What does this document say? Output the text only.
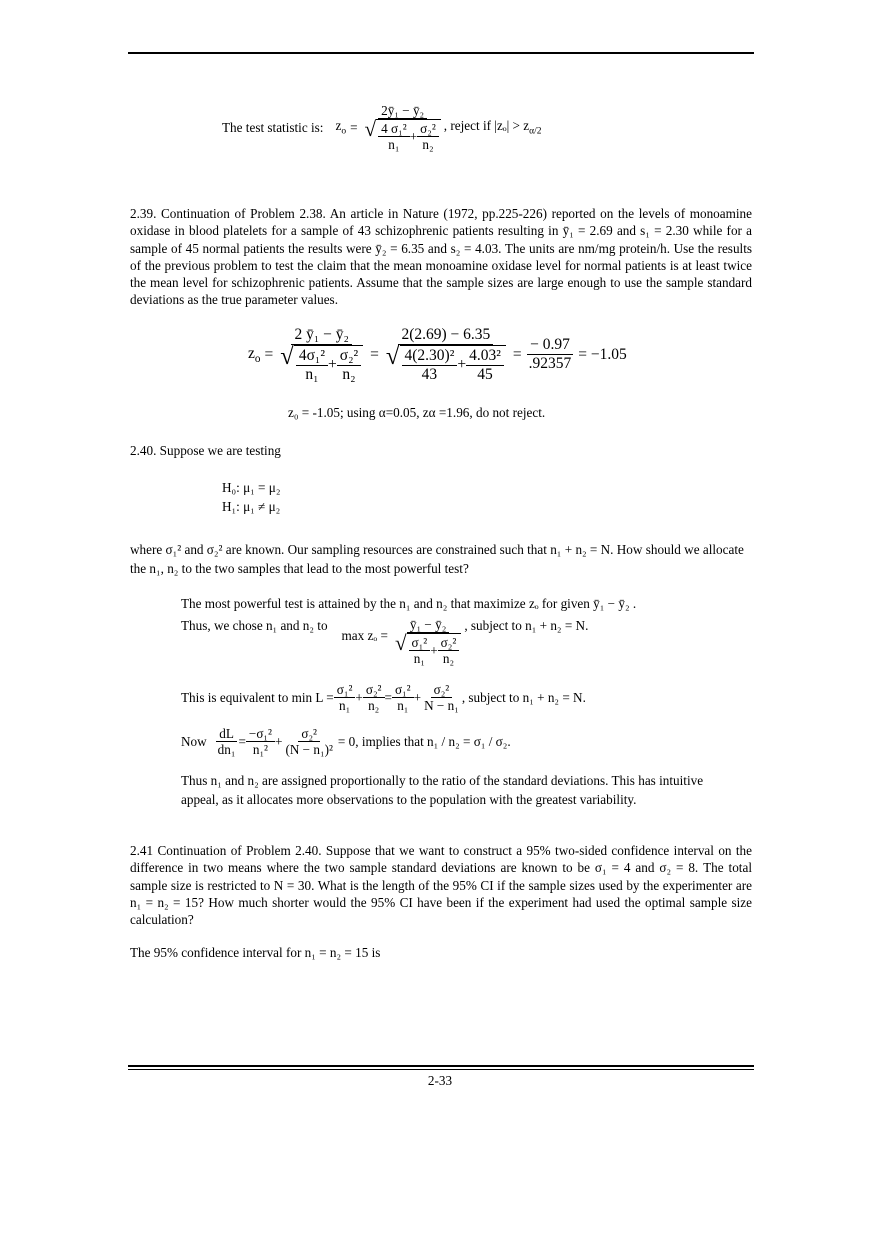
The test statistic is: $z_o = \frac{\text{2ȳ₁ − ȳ₂}}{√ \frac{\text{4 σ₁²}}{\text{n₁}} + \frac{\text{σ₂²}}{\text{n₂}}}$ , reject if $|z_o| > z_{\alpha/2}$
2.39. Continuation of Problem 2.38. An article in Nature (1972, pp.225-226) reported on the levels of monoamine oxidase in blood platelets for a sample of 43 schizophrenic patients resulting in ȳ₁ = 2.69 and s₁ = 2.30 while for a sample of 45 normal patients the results were ȳ₂ = 6.35 and s₂ = 4.03. The units are nm/mg protein/h. Use the results of the previous problem to test the claim that the mean monoamine oxidase level for normal patients is at least twice the mean level for schizophrenic patients. Assume that the sample sizes are large enough to use the sample standard deviations as the true parameter values.
$z_o = \frac{\text{2 ȳ₁ − ȳ₂}}{√ \frac{\text{4σ₁²}}{\text{n₁}} + \frac{\text{σ₂²}}{\text{n₂}}} = \frac{2(2.69) - 6.35}{√ \frac{\text{4(2.30)²}}{43} + \frac{\text{4.03²}}{45}} = \frac{- 0.97}{.92357} = -1.05$
z₀ = -1.05; using α=0.05, zα =1.96, do not reject.
2.40. Suppose we are testing
H₀: μ₁ = μ₂
H₁: μ₁ ≠ μ₂
where σ₁² and σ₂² are known. Our sampling resources are constrained such that n₁ + n₂ = N. How should we allocate the n₁, n₂ to the two samples that lead to the most powerful test?
The most powerful test is attained by the n₁ and n₂ that maximize zₒ for given ȳ₁ − ȳ₂ .
Thus, we chose n₁ and n₂ to
$\max z_o = \frac{\text{ȳ₁ − ȳ₂}}{√ \frac{\text{σ₁²}}{\text{n₁}} + \frac{\text{σ₂²}}{\text{n₂}}}$ , subject to n₁ + n₂ = N.
This is equivalent to $\min L = \frac{\text{σ₁²}}{\text{n₁}} + \frac{\text{σ₂²}}{\text{n₂}} = \frac{\text{σ₁²}}{\text{n₁}} + \frac{\text{σ₂²}}{\text{N − n₁}}$ , subject to n₁ + n₂ = N.
Now $\frac{dL}{\text{dn₁}} = \frac{\text{−σ₁²}}{\text{n₁²}} + \frac{\text{σ₂²}}{\text{(N − n₁)²}} = 0$, implies that n₁ / n₂ = σ₁ / σ₂.
Thus n₁ and n₂ are assigned proportionally to the ratio of the standard deviations. This has intuitive appeal, as it allocates more observations to the population with the greatest variability.
2.41 Continuation of Problem 2.40. Suppose that we want to construct a 95% two-sided confidence interval on the difference in two means where the two sample standard deviations are known to be σ₁ = 4 and σ₂ = 8. The total sample size is restricted to N = 30. What is the length of the 95% CI if the sample sizes used by the experimenter are n₁ = n₂ = 15? How much shorter would the 95% CI have been if the experiment had used the optimal sample size calculation?
The 95% confidence interval for n₁ = n₂ = 15 is
2-33
